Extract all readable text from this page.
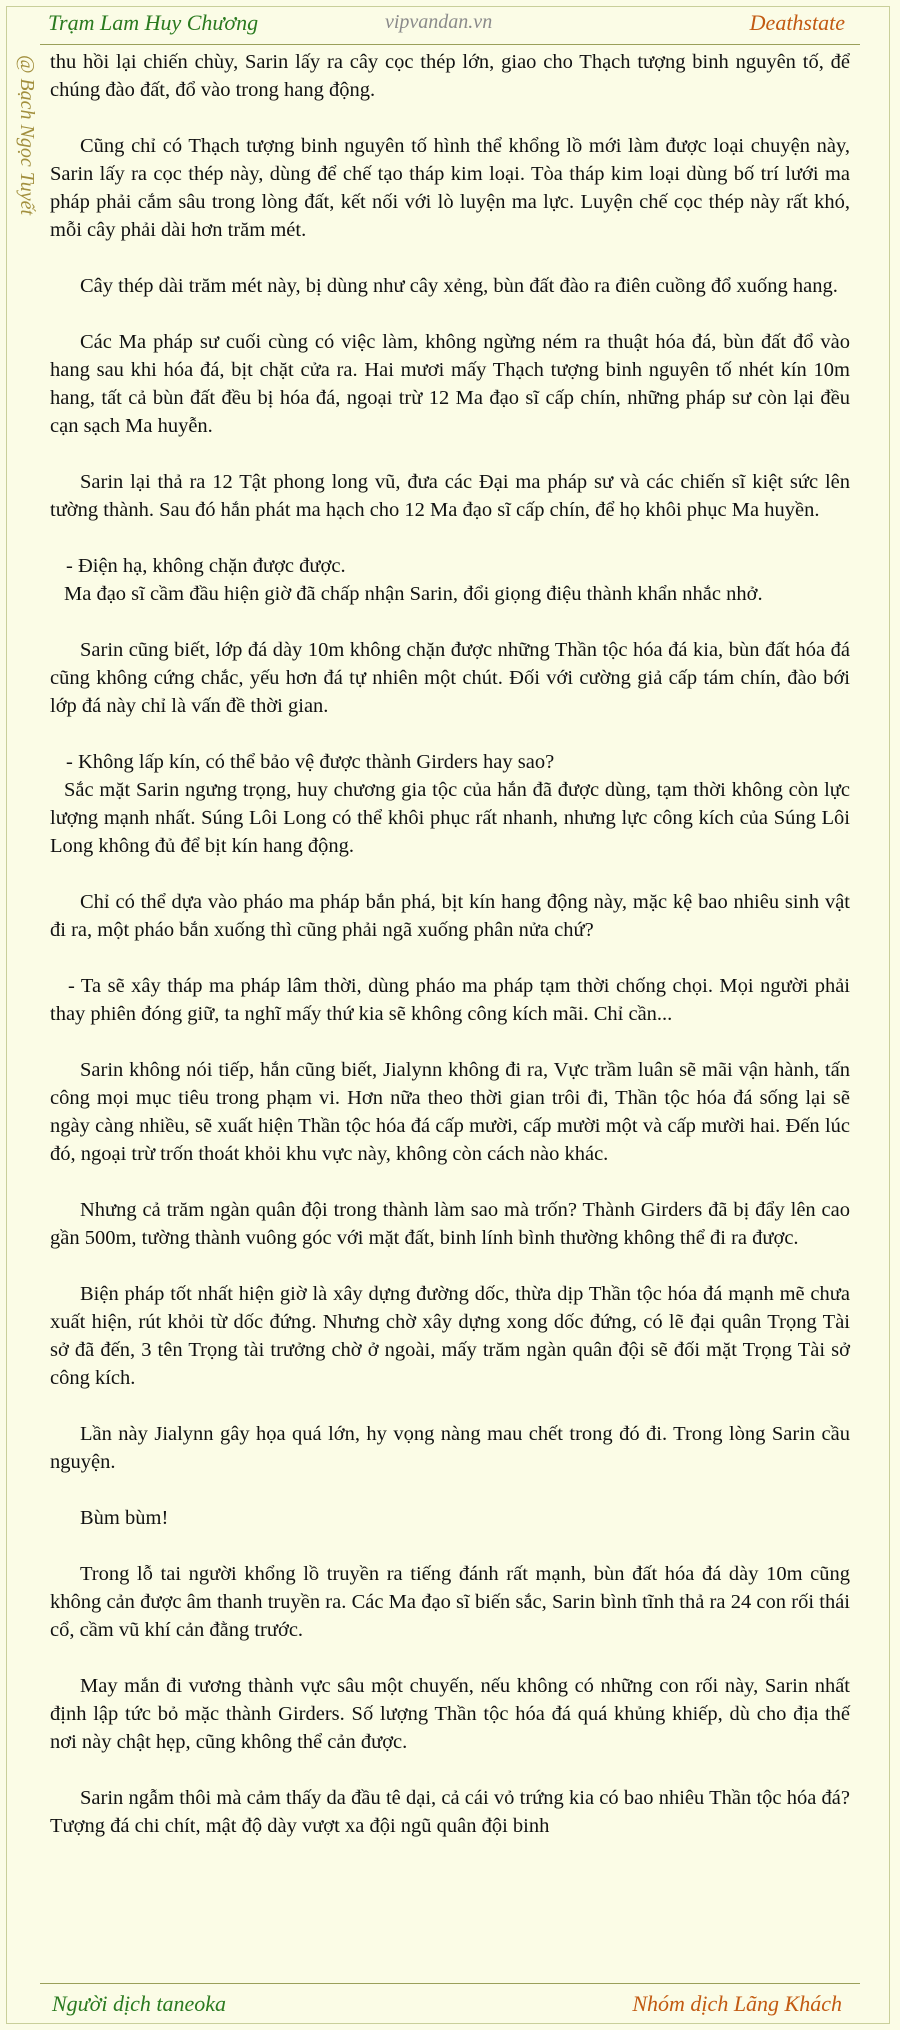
Trạm Lam Huy Chương	vipvandan.vn	Deathstate
@ Bạch Ngọc Tuyết thu hồi lại chiến chùy, Sarin lấy ra cây cọc thép lớn, giao cho Thạch tượng binh nguyên tố, để chúng đào đất, đổ vào trong hang động.

Cũng chỉ có Thạch tượng binh nguyên tố hình thể khổng lồ mới làm được loại chuyện này, Sarin lấy ra cọc thép này, dùng để chế tạo tháp kim loại. Tòa tháp kim loại dùng bố trí lưới ma pháp phải cắm sâu trong lòng đất, kết nối với lò luyện ma lực. Luyện chế cọc thép này rất khó, mỗi cây phải dài hơn trăm mét.

Cây thép dài trăm mét này, bị dùng như cây xẻng, bùn đất đào ra điên cuồng đổ xuống hang.

Các Ma pháp sư cuối cùng có việc làm, không ngừng ném ra thuật hóa đá, bùn đất đổ vào hang sau khi hóa đá, bịt chặt cửa ra. Hai mươi mấy Thạch tượng binh nguyên tố nhét kín 10m hang, tất cả bùn đất đều bị hóa đá, ngoại trừ 12 Ma đạo sĩ cấp chín, những pháp sư còn lại đều cạn sạch Ma huyễn.

Sarin lại thả ra 12 Tật phong long vũ, đưa các Đại ma pháp sư và các chiến sĩ kiệt sức lên tường thành. Sau đó hắn phát ma hạch cho 12 Ma đạo sĩ cấp chín, để họ khôi phục Ma huyền.

- Điện hạ, không chặn được được.

Ma đạo sĩ cầm đầu hiện giờ đã chấp nhận Sarin, đổi giọng điệu thành khẩn nhắc nhở.

Sarin cũng biết, lớp đá dày 10m không chặn được những Thần tộc hóa đá kia, bùn đất hóa đá cũng không cứng chắc, yếu hơn đá tự nhiên một chút. Đối với cường giả cấp tám chín, đào bới lớp đá này chỉ là vấn đề thời gian.

- Không lấp kín, có thể bảo vệ được thành Girders hay sao?

Sắc mặt Sarin ngưng trọng, huy chương gia tộc của hắn đã được dùng, tạm thời không còn lực lượng mạnh nhất. Súng Lôi Long có thể khôi phục rất nhanh, nhưng lực công kích của Súng Lôi Long không đủ để bịt kín hang động.

Chỉ có thể dựa vào pháo ma pháp bắn phá, bịt kín hang động này, mặc kệ bao nhiêu sinh vật đi ra, một pháo bắn xuống thì cũng phải ngã xuống phân nửa chứ?

- Ta sẽ xây tháp ma pháp lâm thời, dùng pháo ma pháp tạm thời chống chọi. Mọi người phải thay phiên đóng giữ, ta nghĩ mấy thứ kia sẽ không công kích mãi. Chỉ cần...

Sarin không nói tiếp, hắn cũng biết, Jialynn không đi ra, Vực trầm luân sẽ mãi vận hành, tấn công mọi mục tiêu trong phạm vi. Hơn nữa theo thời gian trôi đi, Thần tộc hóa đá sống lại sẽ ngày càng nhiều, sẽ xuất hiện Thần tộc hóa đá cấp mười, cấp mười một và cấp mười hai. Đến lúc đó, ngoại trừ trốn thoát khỏi khu vực này, không còn cách nào khác.

Nhưng cả trăm ngàn quân đội trong thành làm sao mà trốn? Thành Girders đã bị đẩy lên cao gần 500m, tường thành vuông góc với mặt đất, binh lính bình thường không thể đi ra được.

Biện pháp tốt nhất hiện giờ là xây dựng đường dốc, thừa dịp Thần tộc hóa đá mạnh mẽ chưa xuất hiện, rút khỏi từ dốc đứng. Nhưng chờ xây dựng xong dốc đứng, có lẽ đại quân Trọng Tài sở đã đến, 3 tên Trọng tài trưởng chờ ở ngoài, mấy trăm ngàn quân đội sẽ đối mặt Trọng Tài sở công kích.

Lần này Jialynn gây họa quá lớn, hy vọng nàng mau chết trong đó đi. Trong lòng Sarin cầu nguyện.

Bùm bùm!

Trong lỗ tai người khổng lồ truyền ra tiếng đánh rất mạnh, bùn đất hóa đá dày 10m cũng không cản được âm thanh truyền ra. Các Ma đạo sĩ biến sắc, Sarin bình tĩnh thả ra 24 con rối thái cổ, cầm vũ khí cản đằng trước.

May mắn đi vương thành vực sâu một chuyến, nếu không có những con rối này, Sarin nhất định lập tức bỏ mặc thành Girders. Số lượng Thần tộc hóa đá quá khủng khiếp, dù cho địa thế nơi này chật hẹp, cũng không thể cản được.

Sarin ngẫm thôi mà cảm thấy da đầu tê dại, cả cái vỏ trứng kia có bao nhiêu Thần tộc hóa đá? Tượng đá chi chít, mật độ dày vượt xa đội ngũ quân đội binh

Người dịch taneoka	Nhóm dịch Lãng Khách
